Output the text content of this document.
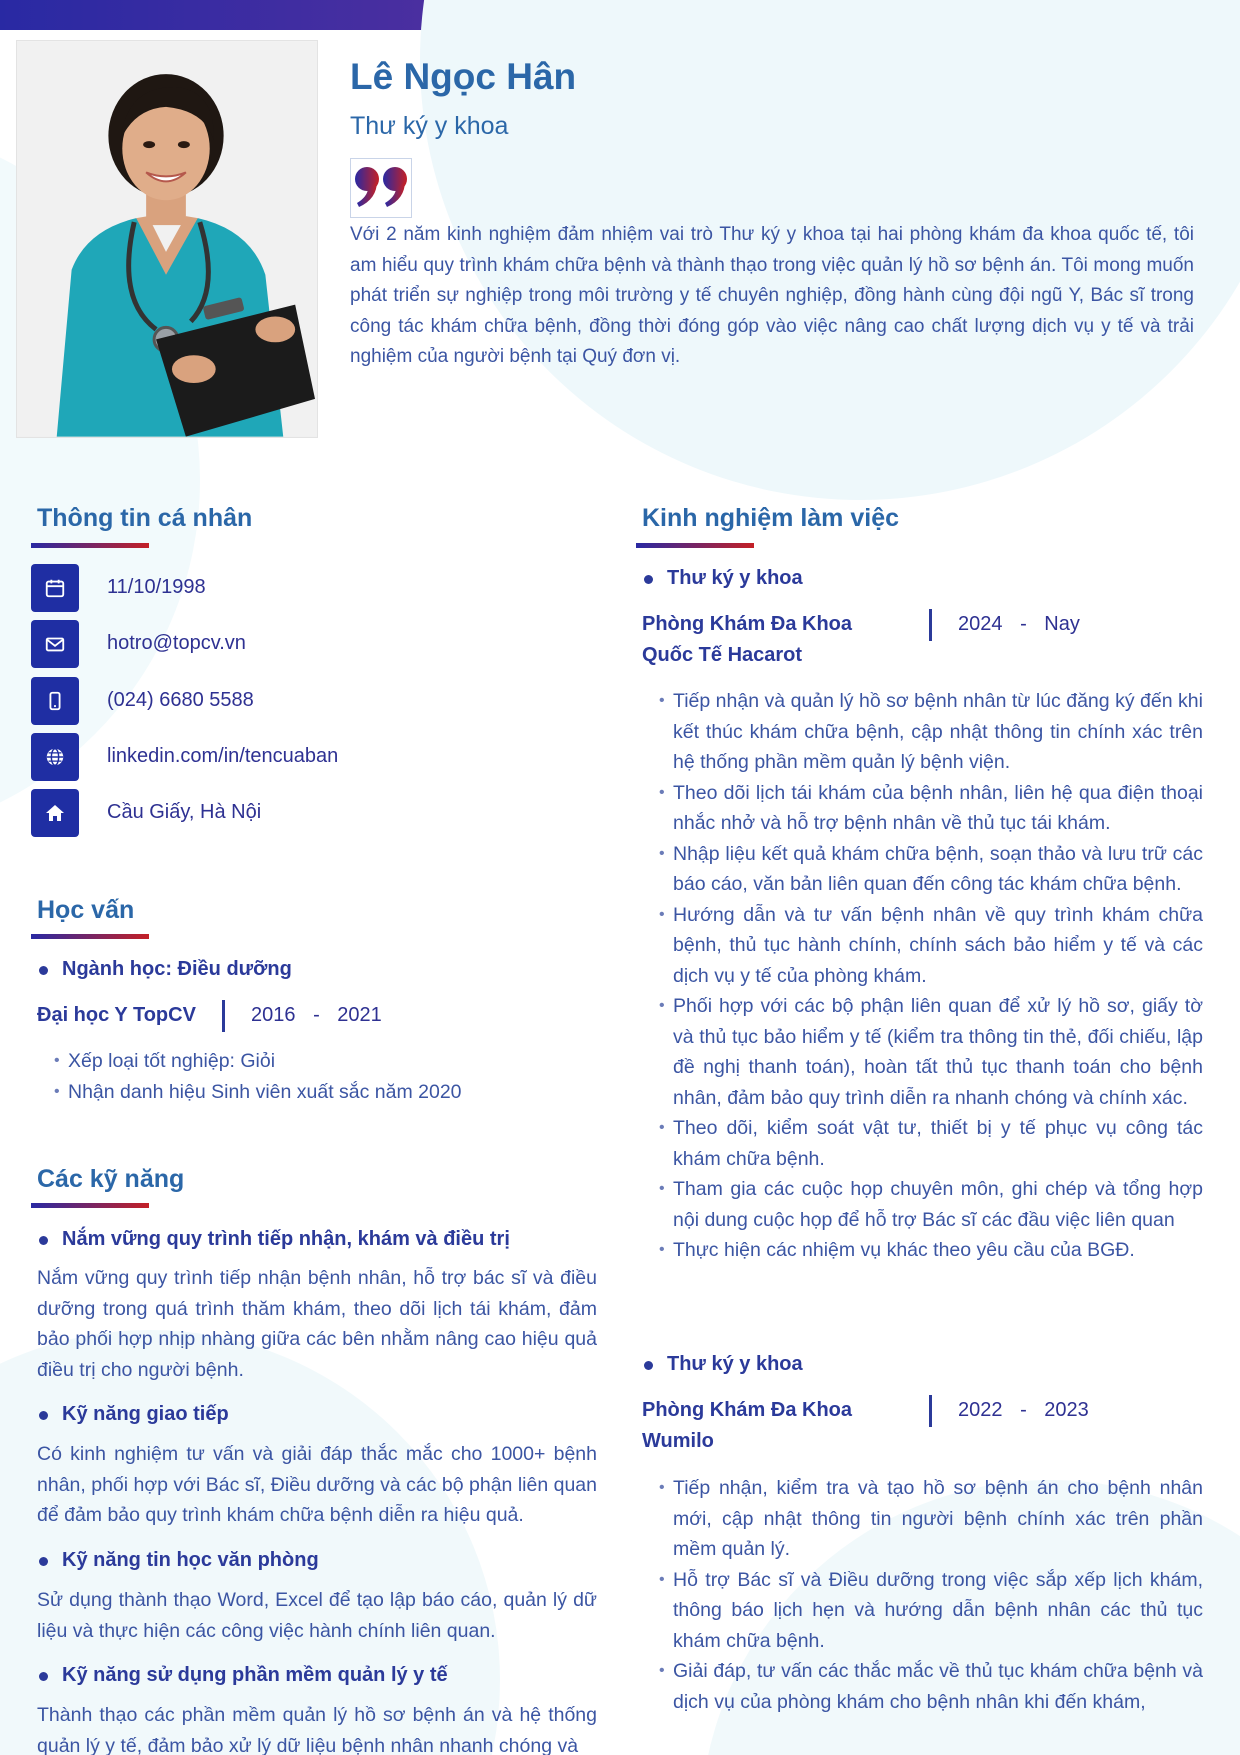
Lê Ngọc Hân
Thư ký y khoa
Với 2 năm kinh nghiệm đảm nhiệm vai trò Thư ký y khoa tại hai phòng khám đa khoa quốc tế, tôi am hiểu quy trình khám chữa bệnh và thành thạo trong việc quản lý hồ sơ bệnh án. Tôi mong muốn phát triển sự nghiệp trong môi trường y tế chuyên nghiệp, đồng hành cùng đội ngũ Y, Bác sĩ trong công tác khám chữa bệnh, đồng thời đóng góp vào việc nâng cao chất lượng dịch vụ y tế và trải nghiệm của người bệnh tại Quý đơn vị.
Thông tin cá nhân
11/10/1998
hotro@topcv.vn
(024) 6680 5588
linkedin.com/in/tencuaban
Cầu Giấy, Hà Nội
Học vấn
Ngành học: Điều dưỡng
Đại học Y TopCV	2016 - 2021
• Xếp loại tốt nghiệp: Giỏi
• Nhận danh hiệu Sinh viên xuất sắc năm 2020
Các kỹ năng
Nắm vững quy trình tiếp nhận, khám và điều trị
Nắm vững quy trình tiếp nhận bệnh nhân, hỗ trợ bác sĩ và điều dưỡng trong quá trình thăm khám, theo dõi lịch tái khám, đảm bảo phối hợp nhịp nhàng giữa các bên nhằm nâng cao hiệu quả điều trị cho người bệnh.
Kỹ năng giao tiếp
Có kinh nghiệm tư vấn và giải đáp thắc mắc cho 1000+ bệnh nhân, phối hợp với Bác sĩ, Điều dưỡng và các bộ phận liên quan để đảm bảo quy trình khám chữa bệnh diễn ra hiệu quả.
Kỹ năng tin học văn phòng
Sử dụng thành thạo Word, Excel để tạo lập báo cáo, quản lý dữ liệu và thực hiện các công việc hành chính liên quan.
Kỹ năng sử dụng phần mềm quản lý y tế
Thành thạo các phần mềm quản lý hồ sơ bệnh án và hệ thống quản lý y tế, đảm bảo xử lý dữ liệu bệnh nhân nhanh chóng và
Kinh nghiệm làm việc
Thư ký y khoa
Phòng Khám Đa Khoa Quốc Tế Hacarot
2024 - Nay
• Tiếp nhận và quản lý hồ sơ bệnh nhân từ lúc đăng ký đến khi kết thúc khám chữa bệnh, cập nhật thông tin chính xác trên hệ thống phần mềm quản lý bệnh viện.
• Theo dõi lịch tái khám của bệnh nhân, liên hệ qua điện thoại nhắc nhở và hỗ trợ bệnh nhân về thủ tục tái khám.
• Nhập liệu kết quả khám chữa bệnh, soạn thảo và lưu trữ các báo cáo, văn bản liên quan đến công tác khám chữa bệnh.
• Hướng dẫn và tư vấn bệnh nhân về quy trình khám chữa bệnh, thủ tục hành chính, chính sách bảo hiểm y tế và các dịch vụ y tế của phòng khám.
• Phối hợp với các bộ phận liên quan để xử lý hồ sơ, giấy tờ và thủ tục bảo hiểm y tế (kiểm tra thông tin thẻ, đối chiếu, lập đề nghị thanh toán), hoàn tất thủ tục thanh toán cho bệnh nhân, đảm bảo quy trình diễn ra nhanh chóng và chính xác.
• Theo dõi, kiểm soát vật tư, thiết bị y tế phục vụ công tác khám chữa bệnh.
• Tham gia các cuộc họp chuyên môn, ghi chép và tổng hợp nội dung cuộc họp để hỗ trợ Bác sĩ các đầu việc liên quan
• Thực hiện các nhiệm vụ khác theo yêu cầu của BGĐ.
Thư ký y khoa
Phòng Khám Đa Khoa Wumilo
2022 - 2023
• Tiếp nhận, kiểm tra và tạo hồ sơ bệnh án cho bệnh nhân mới, cập nhật thông tin người bệnh chính xác trên phần mềm quản lý.
• Hỗ trợ Bác sĩ và Điều dưỡng trong việc sắp xếp lịch khám, thông báo lịch hẹn và hướng dẫn bệnh nhân các thủ tục khám chữa bệnh.
• Giải đáp, tư vấn các thắc mắc về thủ tục khám chữa bệnh và dịch vụ của phòng khám cho bệnh nhân khi đến khám,
